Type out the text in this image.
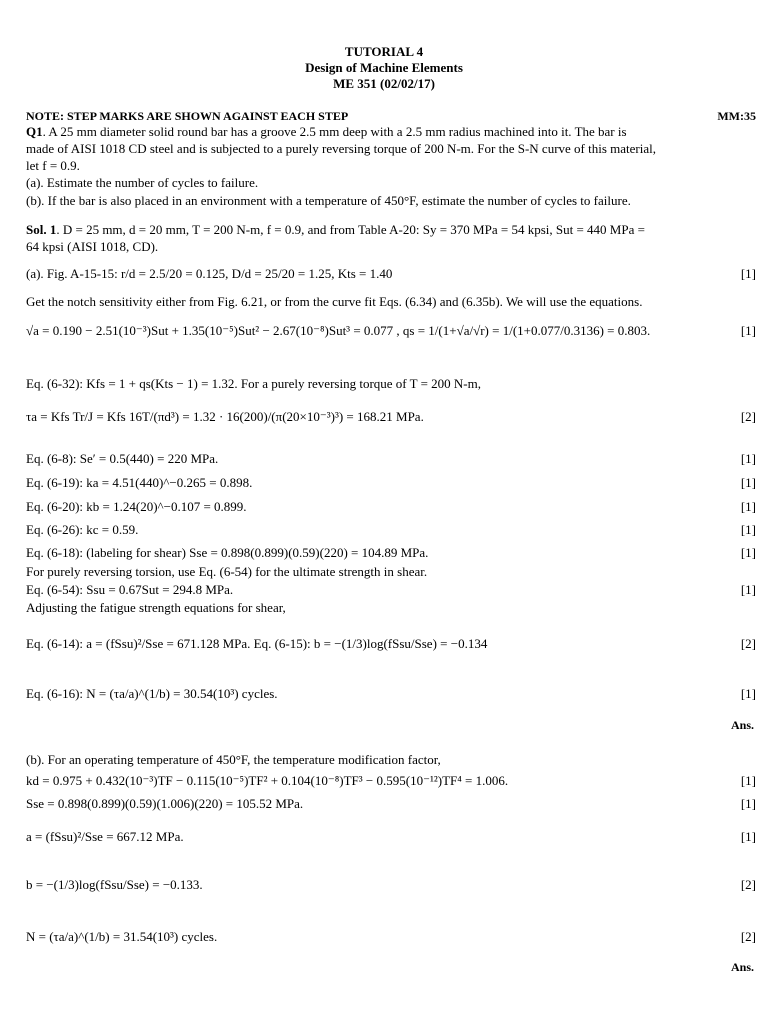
TUTORIAL 4
Design of Machine Elements
ME 351 (02/02/17)
NOTE: STEP MARKS ARE SHOWN AGAINST EACH STEP	MM:35
Q1. A 25 mm diameter solid round bar has a groove 2.5 mm deep with a 2.5 mm radius machined into it. The bar is
made of AISI 1018 CD steel and is subjected to a purely reversing torque of 200 N-m. For the S-N curve of this material,
let f = 0.9.
(a). Estimate the number of cycles to failure.
(b). If the bar is also placed in an environment with a temperature of 450°F, estimate the number of cycles to failure.
Sol. 1. D = 25 mm, d = 20 mm, T = 200 N-m, f = 0.9, and from Table A-20: Sy = 370 MPa = 54 kpsi, Sut = 440 MPa =
64 kpsi (AISI 1018, CD).
(a). Fig. A-15-15: r/d = 2.5/20 = 0.125, D/d = 25/20 = 1.25, Kts = 1.40	[1]
Get the notch sensitivity either from Fig. 6.21, or from the curve fit Eqs. (6.34) and (6.35b). We will use the equations.
√a = 0.190 − 2.51(10⁻³)Sut + 1.35(10⁻⁵)Sut² − 2.67(10⁻⁸)Sut³ = 0.077 , qs = 1/(1+√a/√r) = 1/(1+0.077/0.3136) = 0.803.	[1]
Eq. (6-32): Kfs = 1 + qs(Kts − 1) = 1.32. For a purely reversing torque of T = 200 N-m,
τa = Kfs Tr/J = Kfs 16T/(πd³) = 1.32 · 16(200)/(π(20×10⁻³)³) = 168.21 MPa.	[2]
Eq. (6-8): Se′ = 0.5(440) = 220 MPa.	[1]
Eq. (6-19): ka = 4.51(440)^−0.265 = 0.898.	[1]
Eq. (6-20): kb = 1.24(20)^−0.107 = 0.899.	[1]
Eq. (6-26): kc = 0.59.	[1]
Eq. (6-18): (labeling for shear) Sse = 0.898(0.899)(0.59)(220) = 104.89 MPa.	[1]
For purely reversing torsion, use Eq. (6-54) for the ultimate strength in shear.
Eq. (6-54): Ssu = 0.67Sut = 294.8 MPa.	[1]
Adjusting the fatigue strength equations for shear,
Eq. (6-14): a = (fSsu)²/Sse = 671.128 MPa. Eq. (6-15): b = −(1/3)log(fSsu/Sse) = −0.134	[2]
Eq. (6-16): N = (τa/a)^(1/b) = 30.54(10³) cycles.	[1]
Ans.
(b). For an operating temperature of 450°F, the temperature modification factor,
kd = 0.975 + 0.432(10⁻³)TF − 0.115(10⁻⁵)TF² + 0.104(10⁻⁸)TF³ − 0.595(10⁻¹²)TF⁴ = 1.006.	[1]
Sse = 0.898(0.899)(0.59)(1.006)(220) = 105.52 MPa.	[1]
a = (fSsu)²/Sse = 667.12 MPa.	[1]
b = −(1/3)log(fSsu/Sse) = −0.133.	[2]
N = (τa/a)^(1/b) = 31.54(10³) cycles.	[2]
Ans.
